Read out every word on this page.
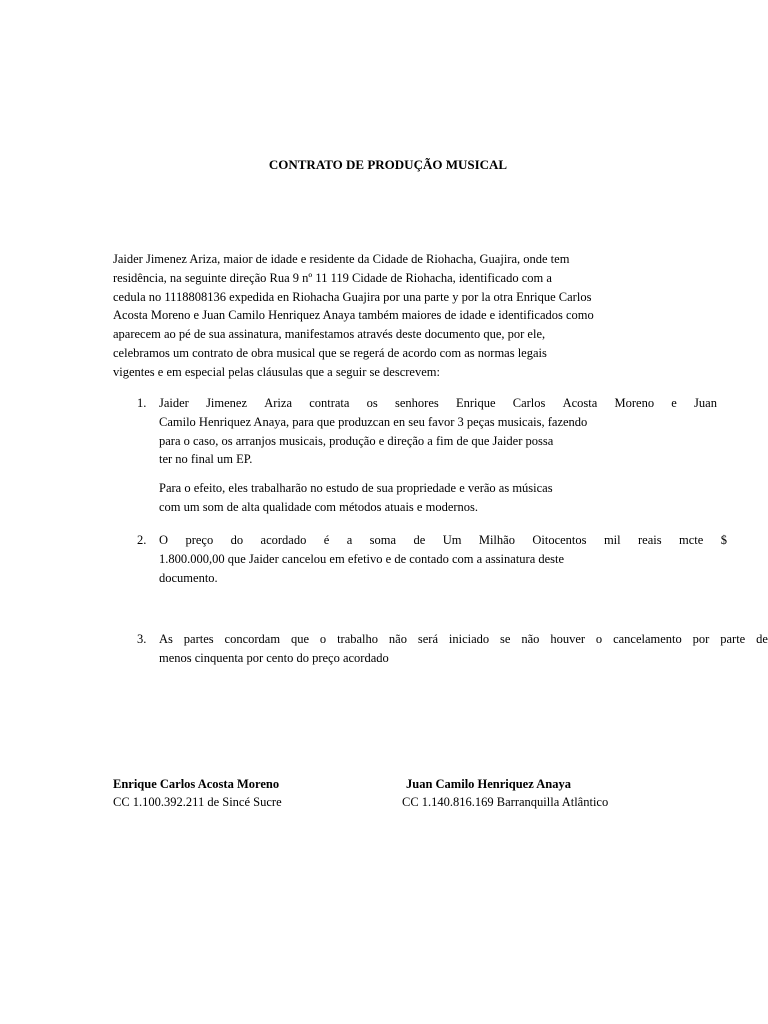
CONTRATO DE PRODUÇÃO MUSICAL
Jaider Jimenez Ariza, maior de idade e residente da Cidade de Riohacha, Guajira, onde tem
residência, na seguinte direção Rua 9 nº 11 119 Cidade de Riohacha, identificado com a
cedula no 1118808136 expedida en Riohacha Guajira por una parte y por la otra Enrique Carlos
Acosta Moreno e Juan Camilo Henriquez Anaya também maiores de idade e identificados como
aparecem ao pé de sua assinatura, manifestamos através deste documento que, por ele,
celebramos um contrato de obra musical que se regerá de acordo com as normas legais
vigentes e em especial pelas cláusulas que a seguir se descrevem:
1. Jaider Jimenez Ariza contrata os senhores Enrique Carlos Acosta Moreno e Juan
Camilo Henriquez Anaya, para que produzcan en seu favor 3 peças musicais, fazendo
para o caso, os arranjos musicais, produção e direção a fim de que Jaider possa
ter no final um EP.
Para o efeito, eles trabalharão no estudo de sua propriedade e verão as músicas
com um som de alta qualidade com métodos atuais e modernos.
2. O preço do acordado é a soma de Um Milhão Oitocentos mil reais mcte $
1.800.000,00 que Jaider cancelou em efetivo e de contado com a assinatura deste
documento.
3. As partes concordam que o trabalho não será iniciado se não houver o cancelamento por parte de
menos cinquenta por cento do preço acordado
Enrique Carlos Acosta Moreno
CC 1.100.392.211 de Sincé Sucre
Juan Camilo Henriquez Anaya
CC 1.140.816.169 Barranquilla Atlântico
